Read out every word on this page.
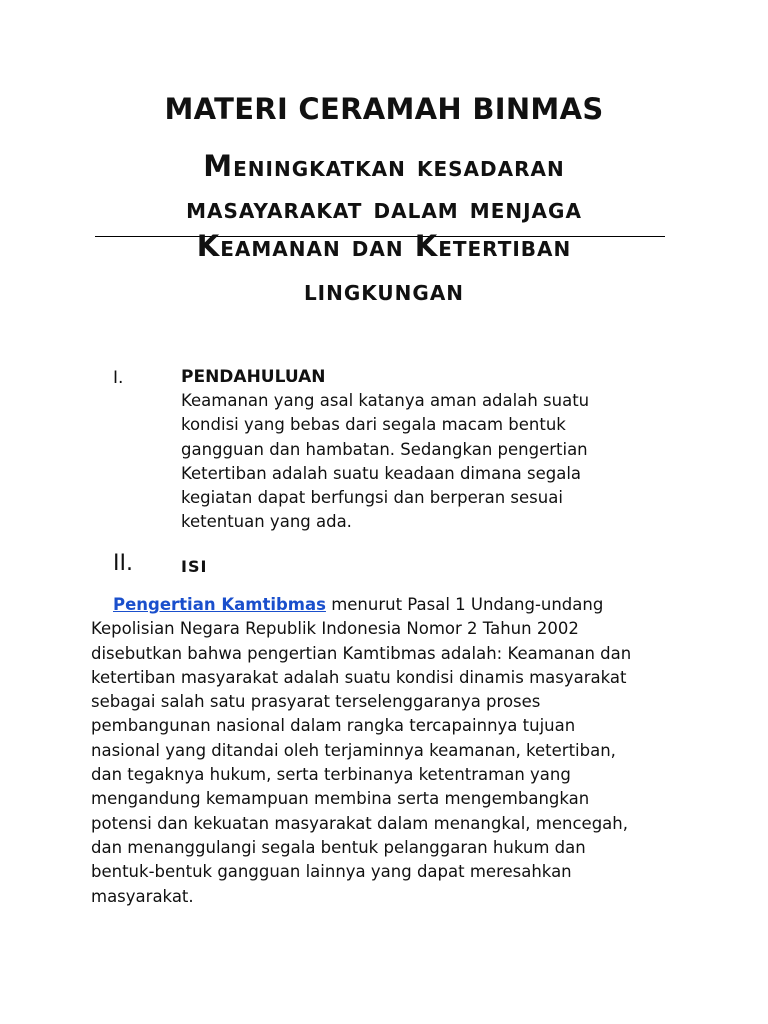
MATERI CERAMAH BINMAS
Meningkatkan kesadaran
masayarakat dalam menjaga
Keamanan dan Ketertiban
lingkungan
I.	PENDAHULUAN
Keamanan yang asal katanya aman adalah suatu
kondisi yang bebas dari segala macam bentuk
gangguan dan hambatan. Sedangkan pengertian
Ketertiban adalah suatu keadaan dimana segala
kegiatan dapat berfungsi dan berperan sesuai
ketentuan yang ada.
II.	ISI
Pengertian Kamtibmas menurut Pasal 1 Undang-undang
Kepolisian Negara Republik Indonesia Nomor 2 Tahun 2002
disebutkan bahwa pengertian Kamtibmas adalah: Keamanan dan
ketertiban masyarakat adalah suatu kondisi dinamis masyarakat
sebagai salah satu prasyarat terselenggaranya proses
pembangunan nasional dalam rangka tercapainnya tujuan
nasional yang ditandai oleh terjaminnya keamanan, ketertiban,
dan tegaknya hukum, serta terbinanya ketentraman yang
mengandung kemampuan membina serta mengembangkan
potensi dan kekuatan masyarakat dalam menangkal, mencegah,
dan menanggulangi segala bentuk pelanggaran hukum dan
bentuk-bentuk gangguan lainnya yang dapat meresahkan
masyarakat.
